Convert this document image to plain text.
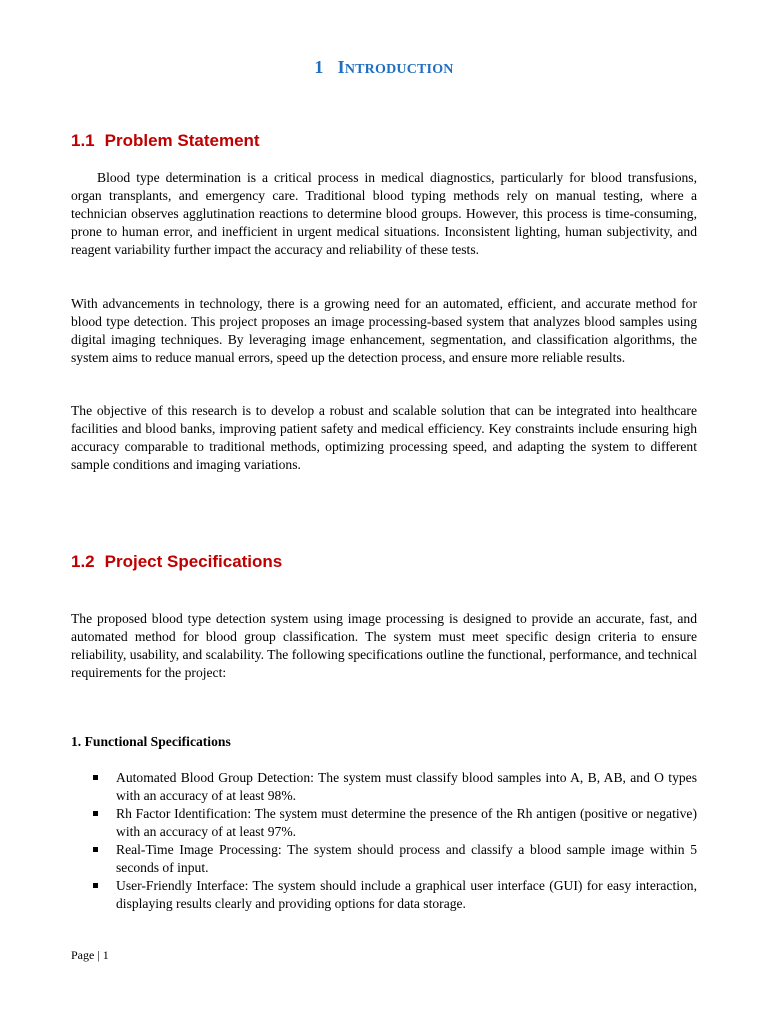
1 INTRODUCTION
1.1 Problem Statement

Blood type determination is a critical process in medical diagnostics, particularly for blood transfusions, organ transplants, and emergency care. Traditional blood typing methods rely on manual testing, where a technician observes agglutination reactions to determine blood groups. However, this process is time-consuming, prone to human error, and inefficient in urgent medical situations. Inconsistent lighting, human subjectivity, and reagent variability further impact the accuracy and reliability of these tests.

With advancements in technology, there is a growing need for an automated, efficient, and accurate method for blood type detection. This project proposes an image processing-based system that analyzes blood samples using digital imaging techniques. By leveraging image enhancement, segmentation, and classification algorithms, the system aims to reduce manual errors, speed up the detection process, and ensure more reliable results.

The objective of this research is to develop a robust and scalable solution that can be integrated into healthcare facilities and blood banks, improving patient safety and medical efficiency. Key constraints include ensuring high accuracy comparable to traditional methods, optimizing processing speed, and adapting the system to different sample conditions and imaging variations.

1.2 Project Specifications

The proposed blood type detection system using image processing is designed to provide an accurate, fast, and automated method for blood group classification. The system must meet specific design criteria to ensure reliability, usability, and scalability. The following specifications outline the functional, performance, and technical requirements for the project:

1. Functional Specifications

Automated Blood Group Detection: The system must classify blood samples into A, B, AB, and O types with an accuracy of at least 98%.
Rh Factor Identification: The system must determine the presence of the Rh antigen (positive or negative) with an accuracy of at least 97%.
Real-Time Image Processing: The system should process and classify a blood sample image within 5 seconds of input.
User-Friendly Interface: The system should include a graphical user interface (GUI) for easy interaction, displaying results clearly and providing options for data storage.
Page | 1
